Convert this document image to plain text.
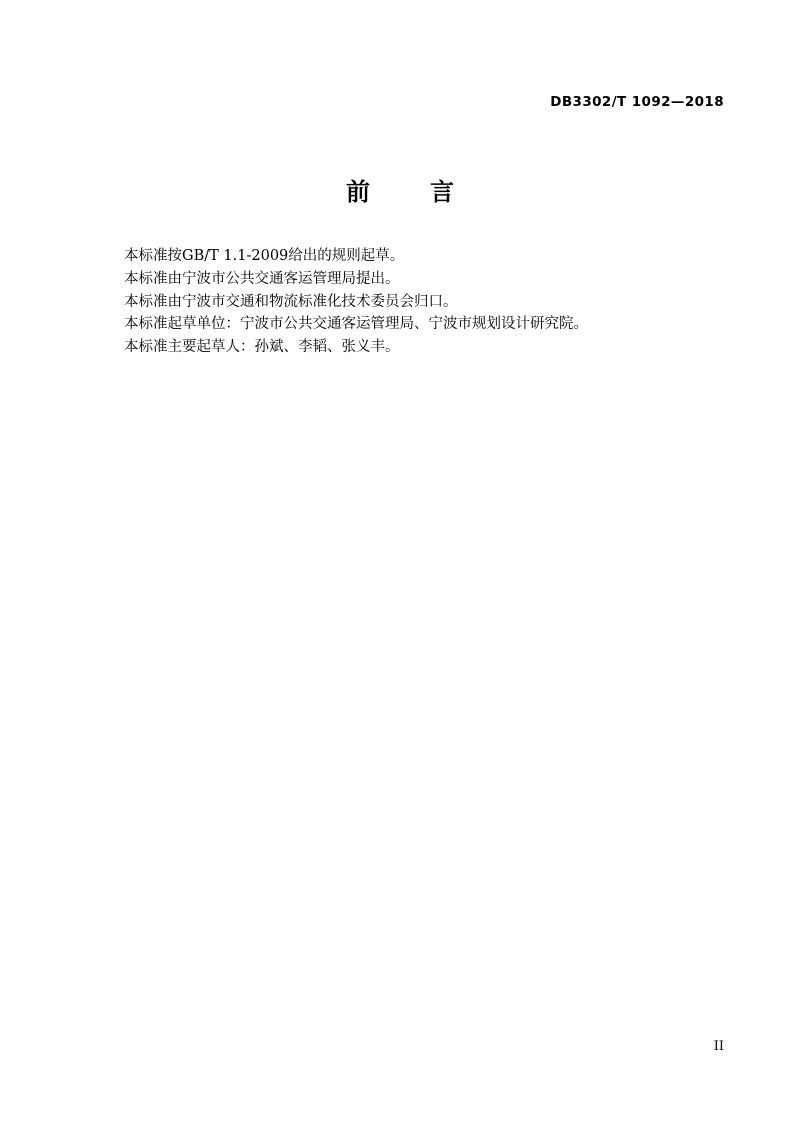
DB3302/T 1092—2018
前　言
本标准按GB/T 1.1-2009给出的规则起草。
本标准由宁波市公共交通客运管理局提出。
本标准由宁波市交通和物流标准化技术委员会归口。
本标准起草单位：宁波市公共交通客运管理局、宁波市规划设计研究院。
本标准主要起草人：孙斌、李韬、张义丰。
II
